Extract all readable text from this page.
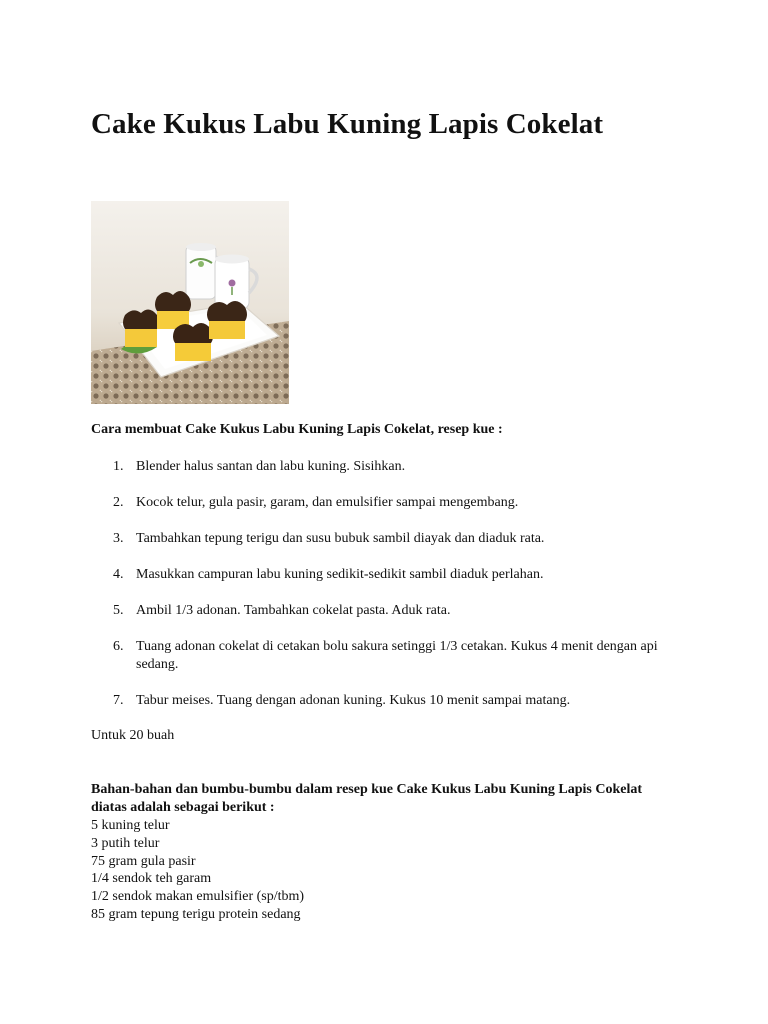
Cake Kukus Labu Kuning Lapis Cokelat

Cara membuat Cake Kukus Labu Kuning Lapis Cokelat, resep kue :

1. Blender halus santan dan labu kuning. Sisihkan.
2. Kocok telur, gula pasir, garam, dan emulsifier sampai mengembang.
3. Tambahkan tepung terigu dan susu bubuk sambil diayak dan diaduk rata.
4. Masukkan campuran labu kuning sedikit-sedikit sambil diaduk perlahan.
5. Ambil 1/3 adonan. Tambahkan cokelat pasta. Aduk rata.
6. Tuang adonan cokelat di cetakan bolu sakura setinggi 1/3 cetakan. Kukus 4 menit dengan api sedang.
7. Tabur meises. Tuang dengan adonan kuning. Kukus 10 menit sampai matang.

Untuk 20 buah

Bahan-bahan dan bumbu-bumbu dalam resep kue Cake Kukus Labu Kuning Lapis Cokelat diatas adalah sebagai berikut :

5 kuning telur
3 putih telur
75 gram gula pasir
1/4 sendok teh garam
1/2 sendok makan emulsifier (sp/tbm)
85 gram tepung terigu protein sedang
